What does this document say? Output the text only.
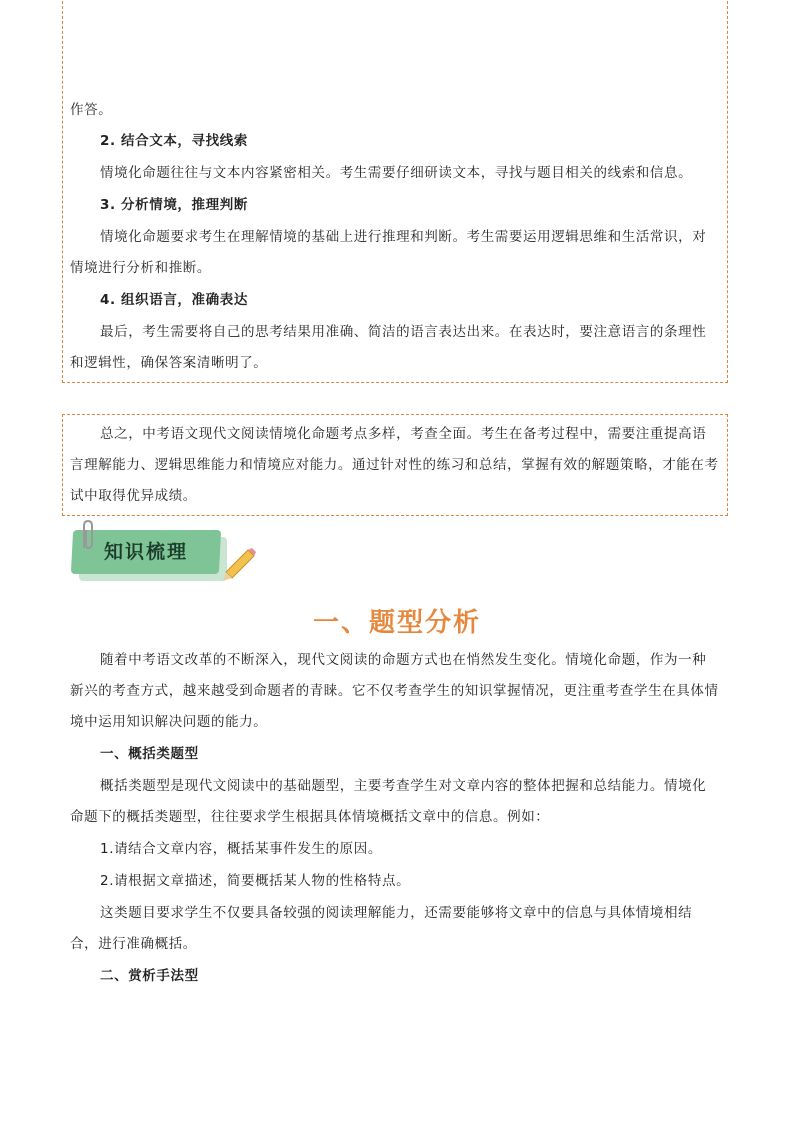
作答。

2. 结合文本，寻找线索

情境化命题往往与文本内容紧密相关。考生需要仔细研读文本，寻找与题目相关的线索和信息。

3. 分析情境，推理判断

情境化命题要求考生在理解情境的基础上进行推理和判断。考生需要运用逻辑思维和生活常识，对情境进行分析和推断。

4. 组织语言，准确表达

最后，考生需要将自己的思考结果用准确、简洁的语言表达出来。在表达时，要注意语言的条理性和逻辑性，确保答案清晰明了。

总之，中考语文现代文阅读情境化命题考点多样，考查全面。考生在备考过程中，需要注重提高语言理解能力、逻辑思维能力和情境应对能力。通过针对性的练习和总结，掌握有效的解题策略，才能在考试中取得优异成绩。

知识梳理
一、题型分析

随着中考语文改革的不断深入，现代文阅读的命题方式也在悄然发生变化。情境化命题，作为一种新兴的考查方式，越来越受到命题者的青睐。它不仅考查学生的知识掌握情况，更注重考查学生在具体情境中运用知识解决问题的能力。

一、概括类题型

概括类题型是现代文阅读中的基础题型，主要考查学生对文章内容的整体把握和总结能力。情境化命题下的概括类题型，往往要求学生根据具体情境概括文章中的信息。例如：

1.请结合文章内容，概括某事件发生的原因。

2.请根据文章描述，简要概括某人物的性格特点。

这类题目要求学生不仅要具备较强的阅读理解能力，还需要能够将文章中的信息与具体情境相结合，进行准确概括。

二、赏析手法型
